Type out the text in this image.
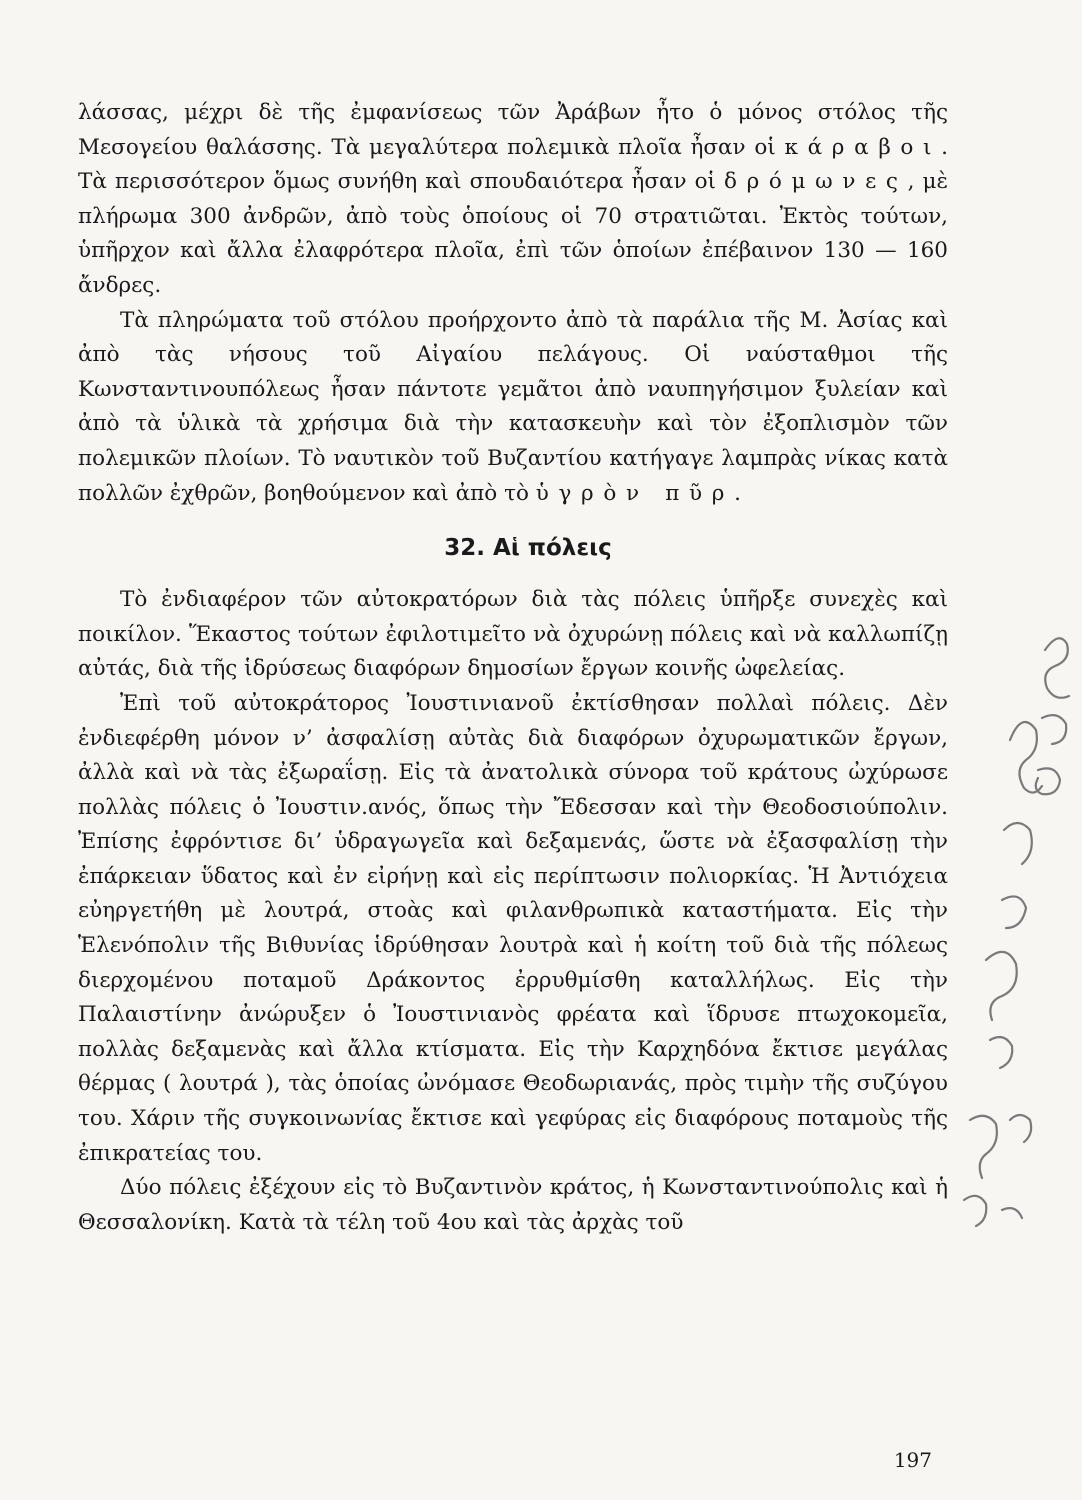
λάσσας, μέχρι δὲ τῆς ἐμφανίσεως τῶν Ἀράβων ἦτο ὁ μόνος στόλος τῆς Μεσογείου θαλάσσης. Τὰ μεγαλύτερα πολεμικὰ πλοῖα ἦσαν οἱ κάραβοι. Τὰ περισσότερον ὅμως συνήθη καὶ σπουδαιότερα ἦσαν οἱ δρόμωνες, μὲ πλήρωμα 300 ἀνδρῶν, ἀπὸ τοὺς ὁποίους οἱ 70 στρατιῶται. Ἐκτὸς τούτων, ὑπῆρχον καὶ ἄλλα ἐλαφρότερα πλοῖα, ἐπὶ τῶν ὁποίων ἐπέβαινον 130 — 160 ἄνδρες.

Τὰ πληρώματα τοῦ στόλου προήρχοντο ἀπὸ τὰ παράλια τῆς Μ. Ἀσίας καὶ ἀπὸ τὰς νήσους τοῦ Αἰγαίου πελάγους. Οἱ ναύσταθμοι τῆς Κωνσταντινουπόλεως ἦσαν πάντοτε γεμᾶτοι ἀπὸ ναυπηγήσιμον ξυλείαν καὶ ἀπὸ τὰ ὑλικὰ τὰ χρήσιμα διὰ τὴν κατασκευὴν καὶ τὸν ἐξοπλισμὸν τῶν πολεμικῶν πλοίων. Τὸ ναυτικὸν τοῦ Βυζαντίου κατήγαγε λαμπρὰς νίκας κατὰ πολλῶν ἐχθρῶν, βοηθούμενον καὶ ἀπὸ τὸ ὑγρὸν πῦρ.

32. Αἱ πόλεις

Τὸ ἐνδιαφέρον τῶν αὐτοκρατόρων διὰ τὰς πόλεις ὑπῆρξε συνεχὲς καὶ ποικίλον. Ἕκαστος τούτων ἐφιλοτιμεῖτο νὰ ὀχυρώνῃ πόλεις καὶ νὰ καλλωπίζῃ αὐτάς, διὰ τῆς ἱδρύσεως διαφόρων δημοσίων ἔργων κοινῆς ὠφελείας.

Ἐπὶ τοῦ αὐτοκράτορος Ἰουστινιανοῦ ἐκτίσθησαν πολλαὶ πόλεις. Δὲν ἐνδιεφέρθη μόνον ν’ ἀσφαλίσῃ αὐτὰς διὰ διαφόρων ὀχυρωματικῶν ἔργων, ἀλλὰ καὶ νὰ τὰς ἐξωραΐσῃ. Εἰς τὰ ἀνατολικὰ σύνορα τοῦ κράτους ὠχύρωσε πολλὰς πόλεις ὁ Ἰουστιν.ανός, ὅπως τὴν Ἔδεσσαν καὶ τὴν Θεοδοσιούπολιν. Ἐπίσης ἐφρόντισε δι’ ὑδραγωγεῖα καὶ δεξαμενάς, ὥστε νὰ ἐξασφαλίσῃ τὴν ἐπάρκειαν ὕδατος καὶ ἐν εἰρήνῃ καὶ εἰς περίπτωσιν πολιορκίας. Ἡ Ἀντιόχεια εὐηργετήθη μὲ λουτρά, στοὰς καὶ φιλανθρωπικὰ καταστήματα. Εἰς τὴν Ἑλενόπολιν τῆς Βιθυνίας ἱδρύθησαν λουτρὰ καὶ ἡ κοίτη τοῦ διὰ τῆς πόλεως διερχομένου ποταμοῦ Δράκοντος ἐρρυθμίσθη καταλλήλως. Εἰς τὴν Παλαιστίνην ἀνώρυξεν ὁ Ἰουστινιανὸς φρέατα καὶ ἵδρυσε πτωχοκομεῖα, πολλὰς δεξαμενὰς καὶ ἄλλα κτίσματα. Εἰς τὴν Καρχηδόνα ἔκτισε μεγάλας θέρμας ( λουτρά ), τὰς ὁποίας ὠνόμασε Θεοδωριανάς, πρὸς τιμὴν τῆς συζύγου του. Χάριν τῆς συγκοινωνίας ἔκτισε καὶ γεφύρας εἰς διαφόρους ποταμοὺς τῆς ἐπικρατείας του.

Δύο πόλεις ἐξέχουν εἰς τὸ Βυζαντινὸν κράτος, ἡ Κωνσταντινούπολις καὶ ἡ Θεσσαλονίκη. Κατὰ τὰ τέλη τοῦ 4ου καὶ τὰς ἀρχὰς τοῦ

197
